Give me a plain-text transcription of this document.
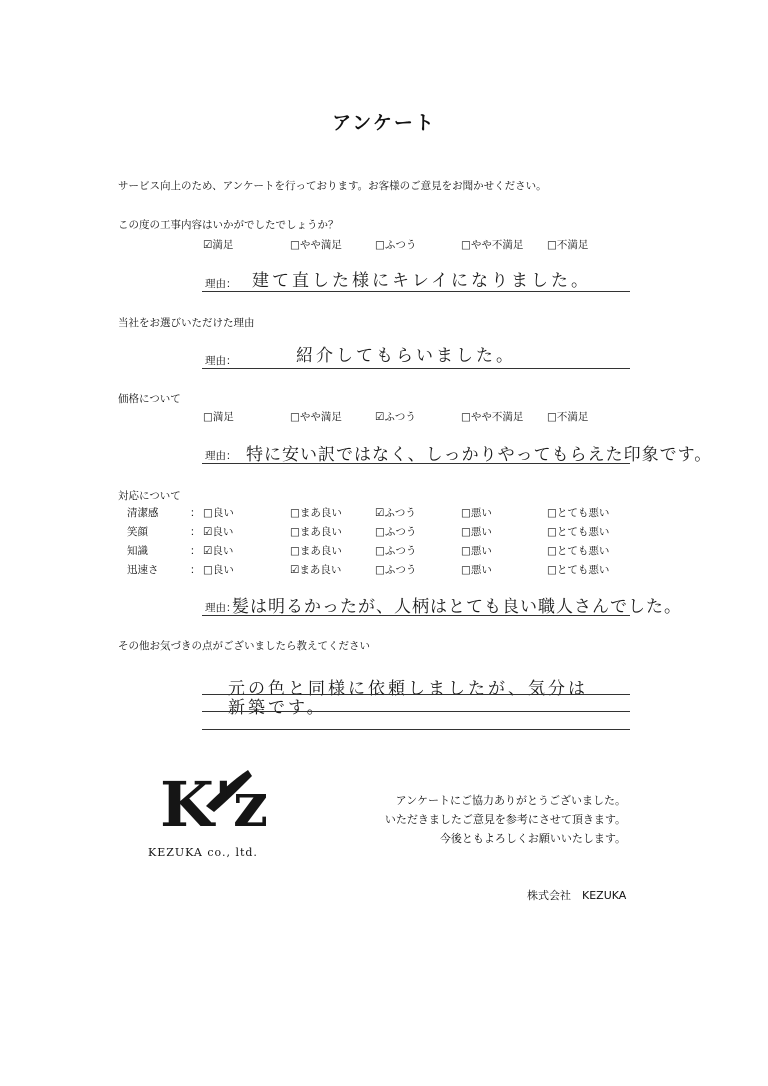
アンケート
サービス向上のため、アンケートを行っております。お客様のご意見をお聞かせください。
この度の工事内容はいかがでしたでしょうか？
☑満足	□やや満足	□ふつう	□やや不満足 □不満足
理由： 建て直した様にキレイになりました。
当社をお選びいただけた理由
理由：	紹介してもらいました。
価格について
□満足	□やや満足	☑ふつう	□やや不満足 □不満足
理由： 特に安い訳ではなく、しっかりやってもらえた印象です。
対応について
清潔感	： □良い	□まあ良い	☑ふつう	□悪い	□とても悪い
笑顔	： ☑良い	□まあ良い	□ふつう	□悪い	□とても悪い
知識	： ☑良い	□まあ良い	□ふつう	□悪い	□とても悪い
迅速さ	： □良い	☑まあ良い	□ふつう	□悪い	□とても悪い
理由：
髪は明るかったが、人柄はとても良い職人さんでした。
その他お気づきの点がございましたら教えてください
元の色と同様に依頼しましたが、気分は
新築です。
K'z
KEZUKA co., ltd.
アンケートにご協力ありがとうございました。
いただきましたご意見を参考にさせて頂きます。
今後ともよろしくお願いいたします。
株式会社　KEZUKA
